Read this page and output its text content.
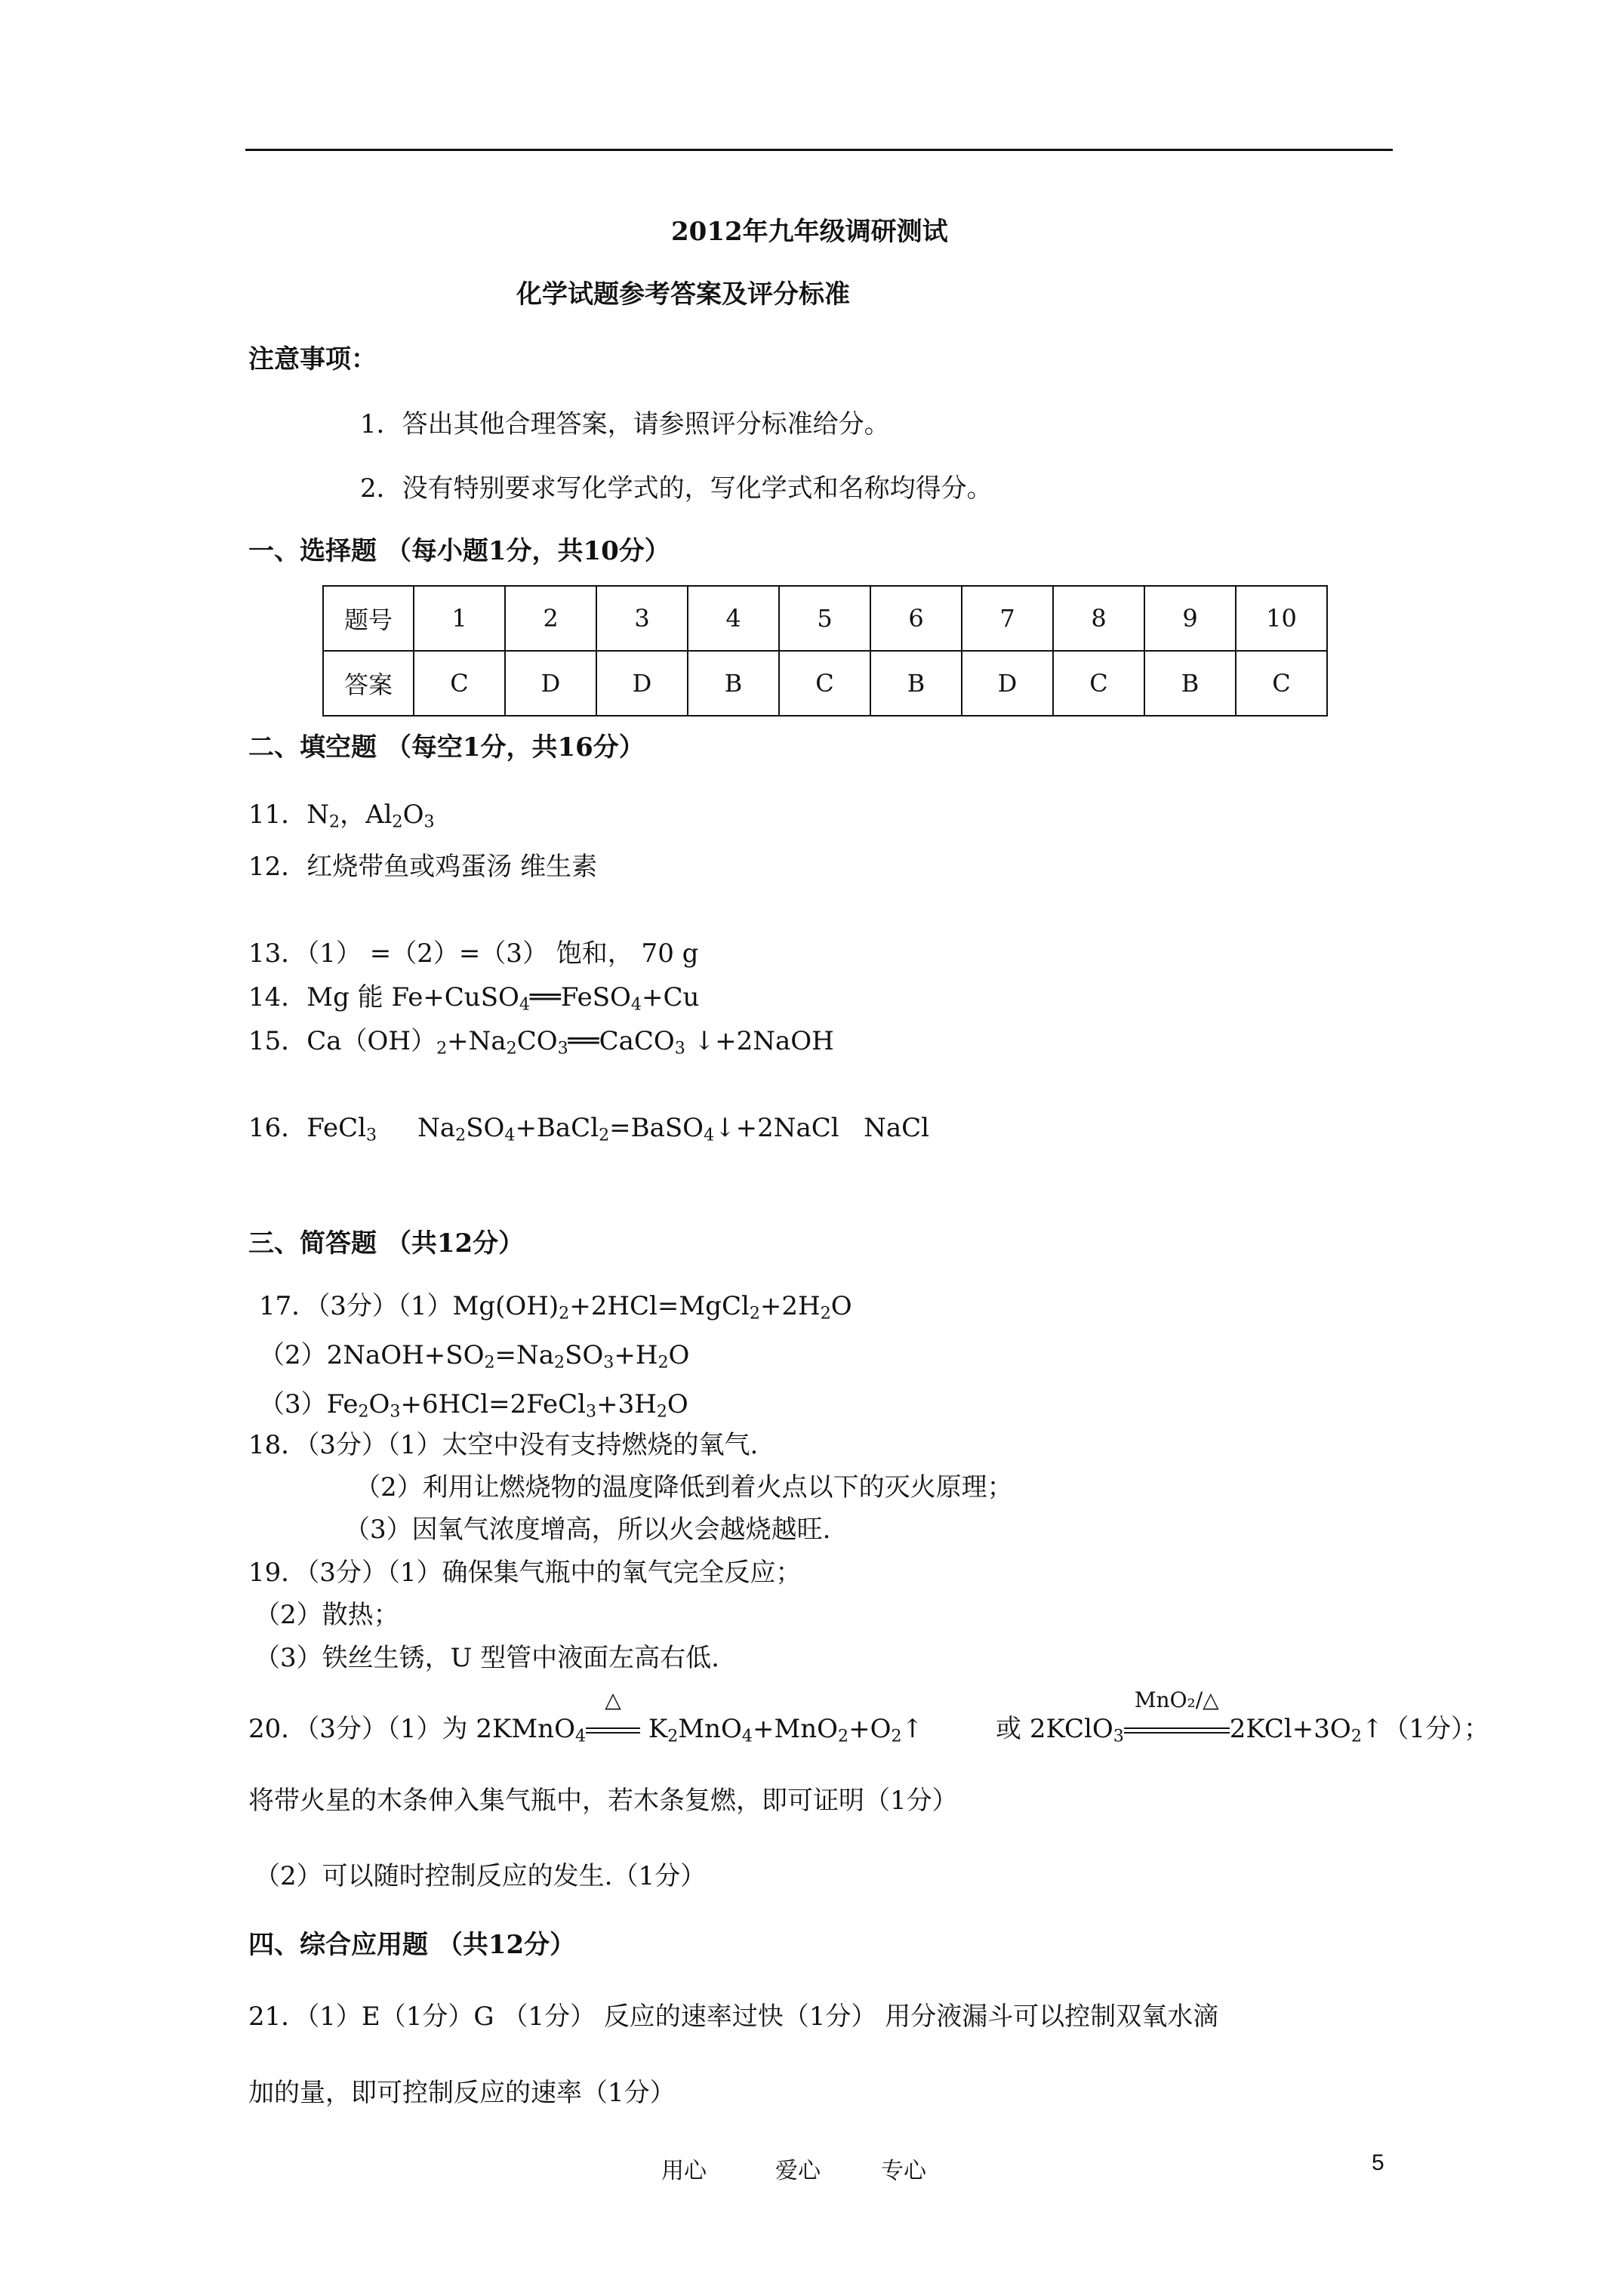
2012年九年级调研测试
化学试题参考答案及评分标准
注意事项：
1．答出其他合理答案，请参照评分标准给分。
2．没有特别要求写化学式的，写化学式和名称均得分。
一、选择题 （每小题1分，共10分）
题号	1	2	3	4	5	6	7	8	9	10
答案	C	D	D	B	C	B	D	C	B	C
二、填空题 （每空1分，共16分）
11．$N_2$，$Al_2O_3$
12．红烧带鱼或鸡蛋汤 维生素
13．（1） =（2）=（3） 饱和， 70 g
14．Mg 能 Fe+CuSO$_4$══FeSO$_4$+Cu
15．$Ca(OH)_2+Na_2CO_3══CaCO_3$ ↓+2NaOH
16．FeCl$_3$     $Na_2SO_4+BaCl_2=BaSO_4↓+2NaCl$   NaCl
三、简答题 （共12分）
17．（3分）$(1)Mg(OH)_2+2HCl=MgCl_2+2H_2O$
$(2)2NaOH+SO_2=Na_2SO_3+H_2O$
$(3)Fe_2O_3+6HCl=2FeCl_3+3H_2O$
18．（3分）（1）太空中没有支持燃烧的氧气.
（2）利用让燃烧物的温度降低到着火点以下的灭火原理；
（3）因氧气浓度增高，所以火会越烧越旺.
19．（3分）（1）确保集气瓶中的氧气完全反应；
（2）散热；
（3）铁丝生锈，U 型管中液面左高右低.
20．（3分）（1）为 2KMnO$_4$
△
$K_2MnO_4+MnO_2+O_2↑$	或 2KClO$_3$
MnO₂/△
$2KCl+3O_2↑(1$分）；
将带火星的木条伸入集气瓶中，若木条复燃，即可证明（1分）
（2）可以随时控制反应的发生.（1分）
四、综合应用题 （共12分）
21．（1）E（1分）G （1分） 反应的速率过快（1分） 用分液漏斗可以控制双氧水滴
加的量，即可控制反应的速率（1分）
用心	爱心	专心	5
